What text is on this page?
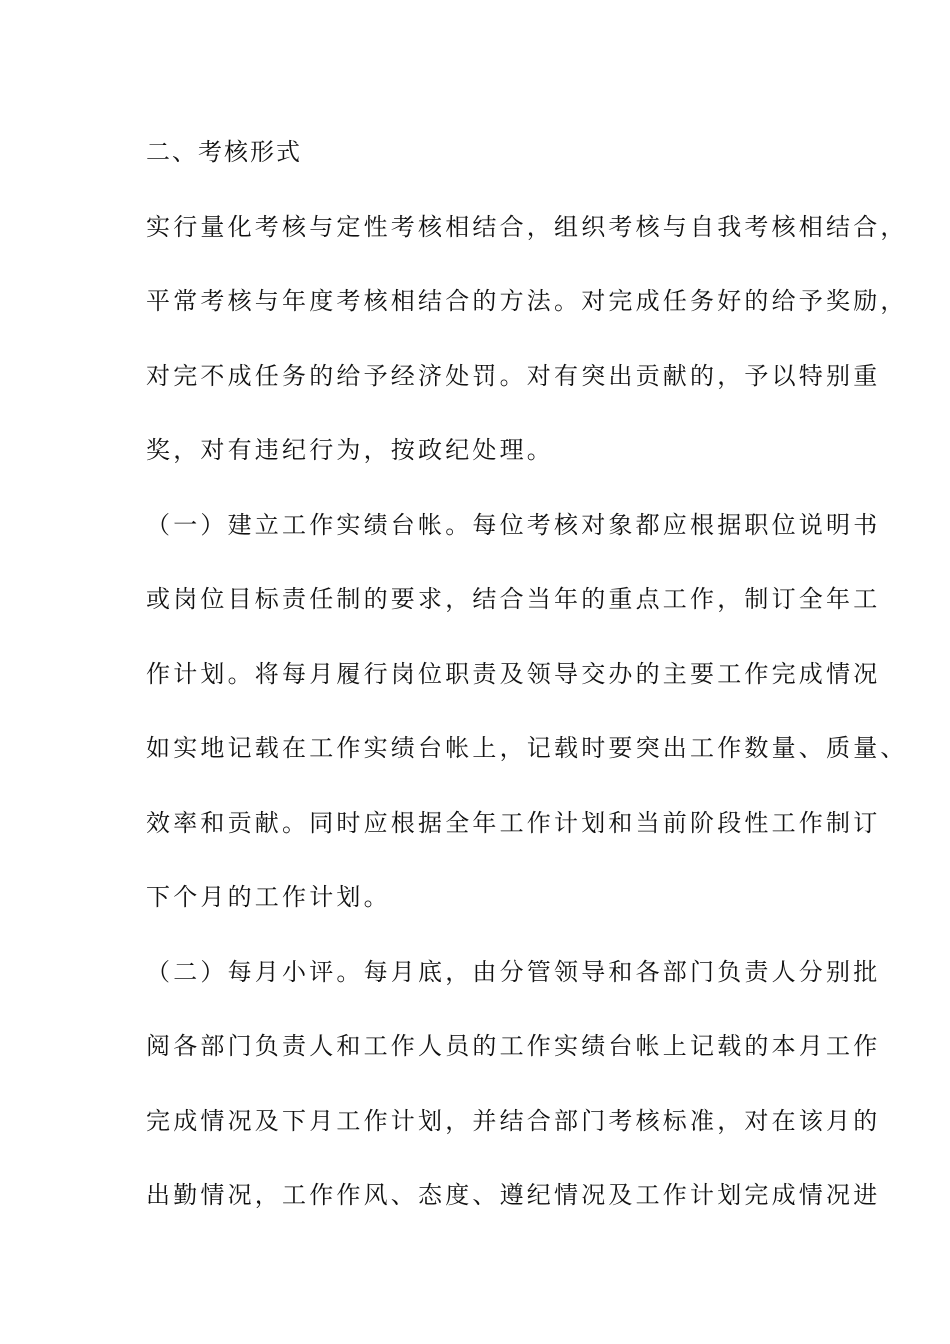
二、考核形式
实行量化考核与定性考核相结合，组织考核与自我考核相结合，
平常考核与年度考核相结合的方法。对完成任务好的给予奖励，
对完不成任务的给予经济处罚。对有突出贡献的，予以特别重
奖，对有违纪行为，按政纪处理。
（一）建立工作实绩台帐。每位考核对象都应根据职位说明书
或岗位目标责任制的要求，结合当年的重点工作，制订全年工
作计划。将每月履行岗位职责及领导交办的主要工作完成情况
如实地记载在工作实绩台帐上，记载时要突出工作数量、质量、
效率和贡献。同时应根据全年工作计划和当前阶段性工作制订
下个月的工作计划。
（二）每月小评。每月底，由分管领导和各部门负责人分别批
阅各部门负责人和工作人员的工作实绩台帐上记载的本月工作
完成情况及下月工作计划，并结合部门考核标准，对在该月的
出勤情况，工作作风、态度、遵纪情况及工作计划完成情况进
